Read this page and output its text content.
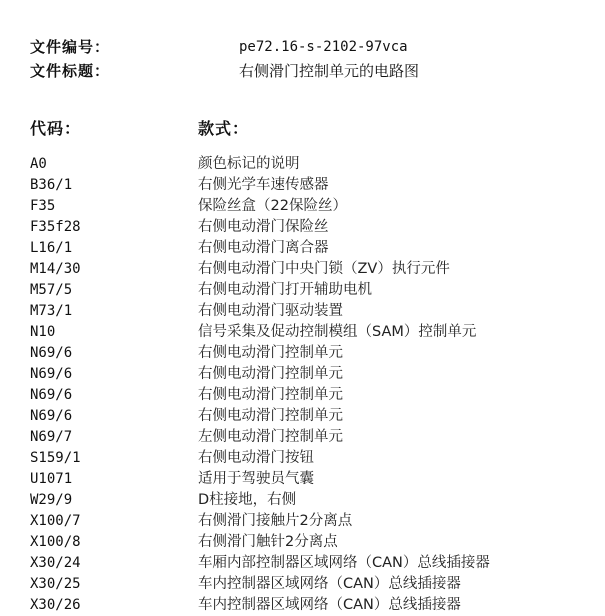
文件编号：	pe72.16-s-2102-97vca
文件标题：	右侧滑门控制单元的电路图
代码：	款式：
A0	颜色标记的说明
B36/1	右侧光学车速传感器
F35	保险丝盒（22保险丝）
F35f28	右侧电动滑门保险丝
L16/1	右侧电动滑门离合器
M14/30	右侧电动滑门中央门锁（ZV）执行元件
M57/5	右侧电动滑门打开辅助电机
M73/1	右侧电动滑门驱动装置
N10	信号采集及促动控制模组（SAM）控制单元
N69/6	右侧电动滑门控制单元
N69/6	右侧电动滑门控制单元
N69/6	右侧电动滑门控制单元
N69/6	右侧电动滑门控制单元
N69/7	左侧电动滑门控制单元
S159/1	右侧电动滑门按钮
U1071	适用于驾驶员气囊
W29/9	D柱接地，右侧
X100/7	右侧滑门接触片2分离点
X100/8	右侧滑门触针2分离点
X30/24	车厢内部控制器区域网络（CAN）总线插接器
X30/25	车内控制器区域网络（CAN）总线插接器
X30/26	车内控制器区域网络（CAN）总线插接器
